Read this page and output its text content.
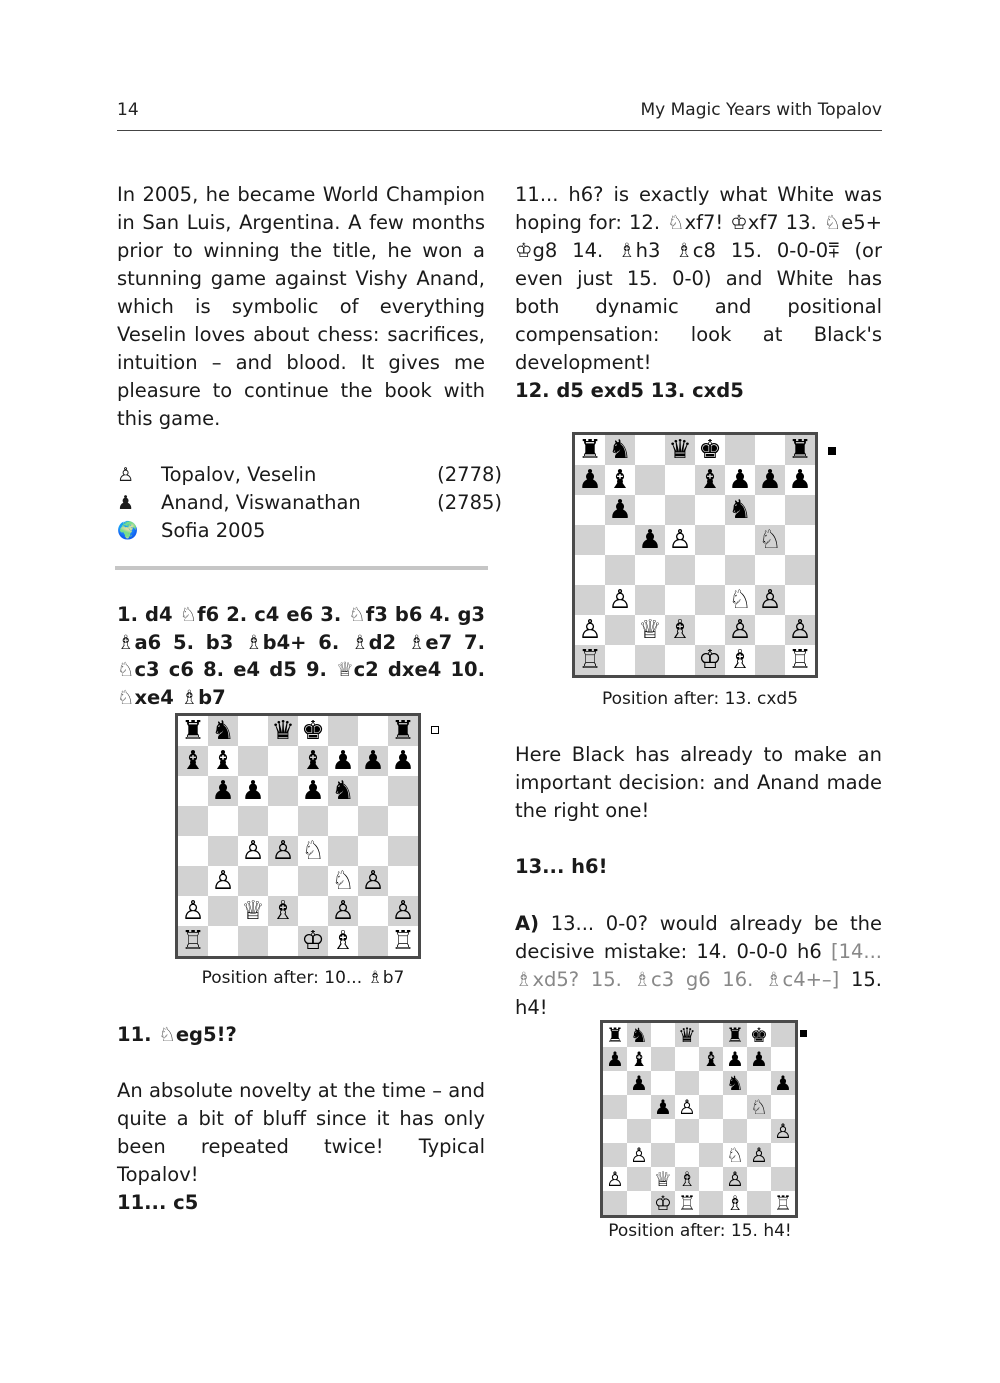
14	My Magic Years with Topalov

In 2005, he became World Champion in San Luis, Argentina. A few months prior to winning the title, he won a stunning game against Vishy Anand, which is symbolic of everything Veselin loves about chess: sacrifices, intuition – and blood. It gives me pleasure to continue the book with this game.

♙	Topalov, Veselin	(2778)
♟	Anand, Viswanathan	(2785)
🌍	Sofia 2005

1. d4 ♘f6 2. c4 e6 3. ♘f3 b6 4. g3 ♗a6 5. b3 ♗b4+ 6. ♗d2 ♗e7 7. ♘c3 c6 8. e4 d5 9. ♕c2 dxe4 10. ♘xe4 ♗b7

♜ ♞ ♛ ♚	♜
♝ ♝	♝ ♟ ♟ ♟
♟ ♟ ♟ ♞
♙ ♙ ♘
♙	♘ ♙
♙ ♕ ♗ ♙ ♙
♖	♔ ♗ ♖
Position after: 10... ♗b7
11. ♘eg5!?

An absolute novelty at the time – and quite a bit of bluff since it has only been repeated twice! Typical Topalov!

11... c5

11... h6? is exactly what White was hoping for: 12. ♘xf7! ♔xf7 13. ♘e5+ ♔g8 14. ♗h3 ♗c8 15. 0-0-0⩱ (or even just 15. 0-0) and White has both dynamic and positional compensation: look at Black's development!

12. d5 exd5 13. cxd5
♜ ♞ ♛ ♚	♜
♟ ♝	♝ ♟ ♟ ♟
♟	♞
♟ ♙	♘
♙	♘ ♙
♙ ♕ ♗ ♙ ♙
♖	♔ ♗ ♖
Position after: 13. cxd5

Here Black has already to make an important decision: and Anand made the right one!

13... h6!

A) 13... 0-0? would already be the decisive mistake: 14. 0-0-0 h6 [14... ♗xd5? 15. ♗c3 g6 16. ♗c4+–] 15. h4!

♜ ♞ ♛ ♜ ♚
♟ ♝	♝ ♟ ♟
♟	♞ ♟
♟ ♙	♘
♙
♙	♘ ♙
♙ ♕ ♗ ♙
♔ ♖ ♗ ♖
Position after: 15. h4!
